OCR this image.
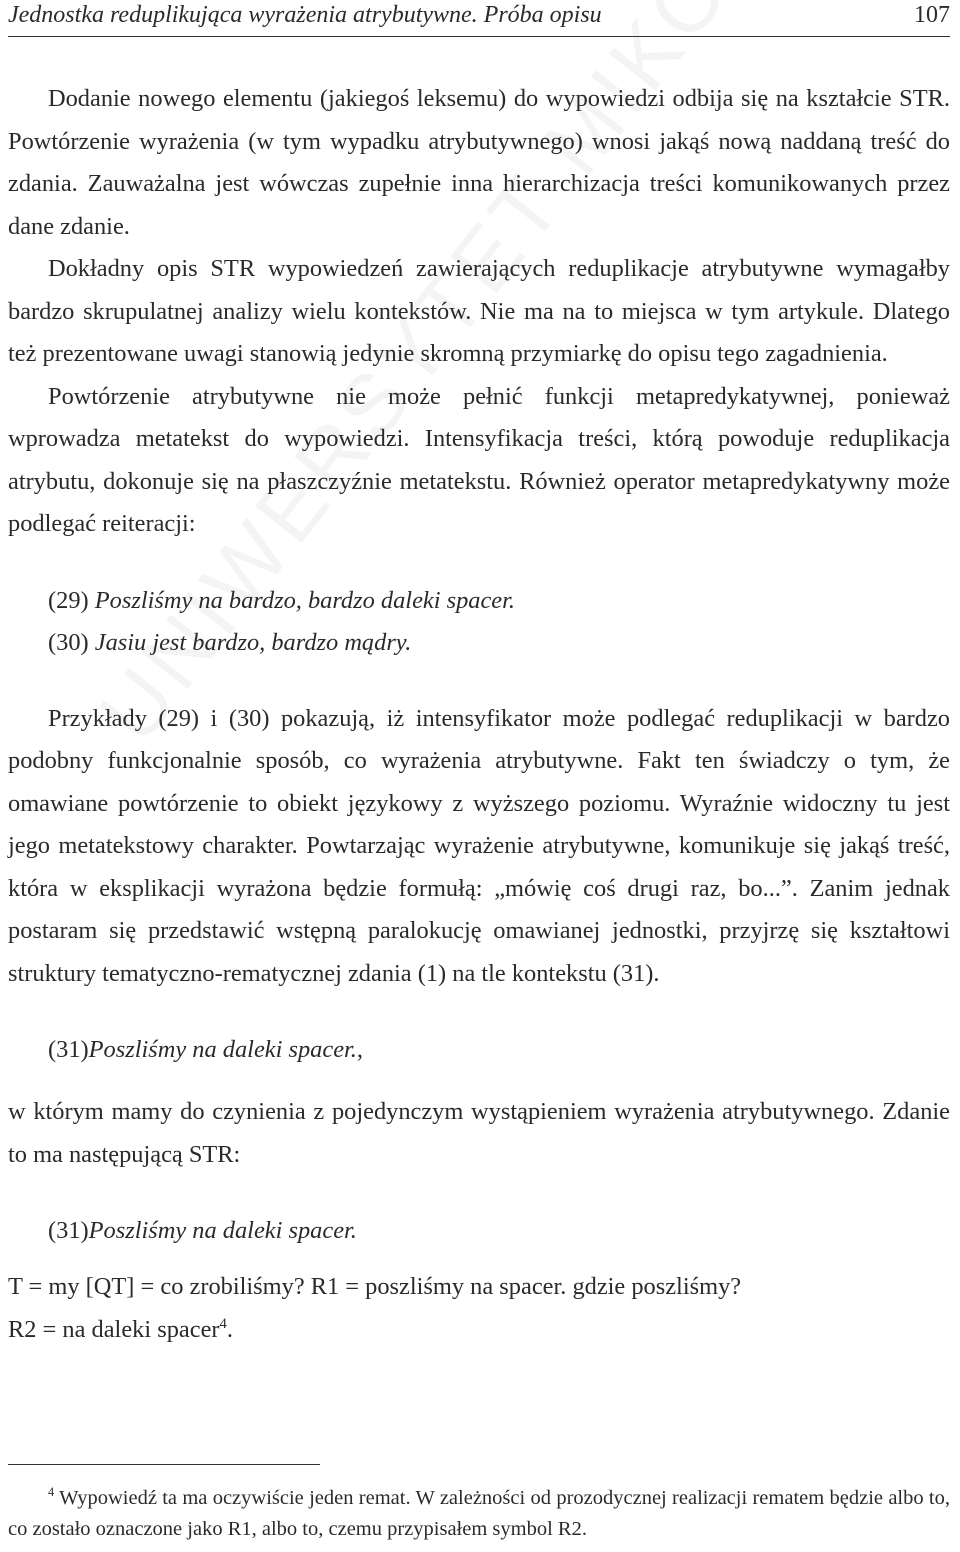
Jednostka reduplikująca wyrażenia atrybutywne. Próba opisu	107

Dodanie nowego elementu (jakiegoś leksemu) do wypowiedzi odbija się na kształcie STR. Powtórzenie wyrażenia (w tym wypadku atrybutywnego) wnosi jakąś nową naddaną treść do zdania. Zauważalna jest wówczas zupełnie inna hierarchizacja treści komunikowanych przez dane zdanie.

Dokładny opis STR wypowiedzeń zawierających reduplikacje atrybutywne wymagałby bardzo skrupulatnej analizy wielu kontekstów. Nie ma na to miejsca w tym artykule. Dlatego też prezentowane uwagi stanowią jedynie skromną przymiarkę do opisu tego zagadnienia.

Powtórzenie atrybutywne nie może pełnić funkcji metapredykatywnej, ponieważ wprowadza metatekst do wypowiedzi. Intensyfikacja treści, którą powoduje reduplikacja atrybutu, dokonuje się na płaszczyźnie metatekstu. Również operator metapredykatywny może podlegać reiteracji:

(29) Poszliśmy na bardzo, bardzo daleki spacer.

(30) Jasiu jest bardzo, bardzo mądry.

Przykłady (29) i (30) pokazują, iż intensyfikator może podlegać reduplikacji w bardzo podobny funkcjonalnie sposób, co wyrażenia atrybutywne. Fakt ten świadczy o tym, że omawiane powtórzenie to obiekt językowy z wyższego poziomu. Wyraźnie widoczny tu jest jego metatekstowy charakter. Powtarzając wyrażenie atrybutywne, komunikuje się jakąś treść, która w eksplikacji wyrażona będzie formułą: „mówię coś drugi raz, bo...”. Zanim jednak postaram się przedstawić wstępną paralokucję omawianej jednostki, przyjrzę się kształtowi struktury tematyczno-rematycznej zdania (1) na tle kontekstu (31).

(31)Poszliśmy na daleki spacer.,

w którym mamy do czynienia z pojedynczym wystąpieniem wyrażenia atrybutywnego. Zdanie to ma następującą STR:

(31)Poszliśmy na daleki spacer.

T = my [QT] = co zrobiliśmy? R1 = poszliśmy na spacer. gdzie poszliśmy?

R2 = na daleki spacer$^4$.

$^4$ Wypowiedź ta ma oczywiście jeden remat. W zależności od prozodycznej realizacji rematem będzie albo to, co zostało oznaczone jako R1, albo to, czemu przypisałem symbol R2.
